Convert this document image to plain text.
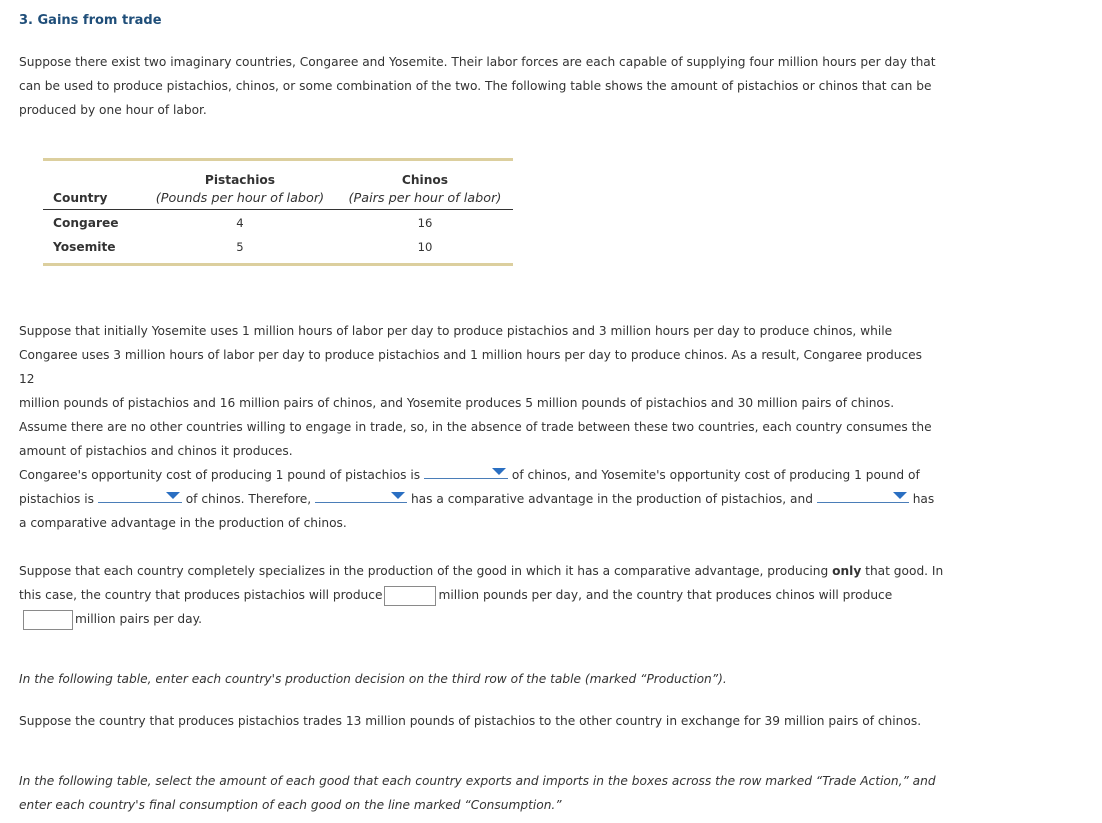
3. Gains from trade

Suppose there exist two imaginary countries, Congaree and Yosemite. Their labor forces are each capable of supplying four million hours per day that
can be used to produce pistachios, chinos, or some combination of the two. The following table shows the amount of pistachios or chinos that can be
produced by one hour of labor.

	Pistachios	Chinos
Country	(Pounds per hour of labor)	(Pairs per hour of labor)
Congaree	4	16
Yosemite	5	10

Suppose that initially Yosemite uses 1 million hours of labor per day to produce pistachios and 3 million hours per day to produce chinos, while
Congaree uses 3 million hours of labor per day to produce pistachios and 1 million hours per day to produce chinos. As a result, Congaree produces 12
million pounds of pistachios and 16 million pairs of chinos, and Yosemite produces 5 million pounds of pistachios and 30 million pairs of chinos.
Assume there are no other countries willing to engage in trade, so, in the absence of trade between these two countries, each country consumes the
amount of pistachios and chinos it produces.

Congaree's opportunity cost of producing 1 pound of pistachios is	of chinos, and Yosemite's opportunity cost of producing 1 pound of
pistachios is	of chinos. Therefore,	has a comparative advantage in the production of pistachios, and	has
a comparative advantage in the production of chinos.

Suppose that each country completely specializes in the production of the good in which it has a comparative advantage, producing only that good. In
this case, the country that produces pistachios will produce	million pounds per day, and the country that produces chinos will produce
million pairs per day.

In the following table, enter each country's production decision on the third row of the table (marked “Production”).

Suppose the country that produces pistachios trades 13 million pounds of pistachios to the other country in exchange for 39 million pairs of chinos.

In the following table, select the amount of each good that each country exports and imports in the boxes across the row marked “Trade Action,” and
enter each country's final consumption of each good on the line marked “Consumption.”
